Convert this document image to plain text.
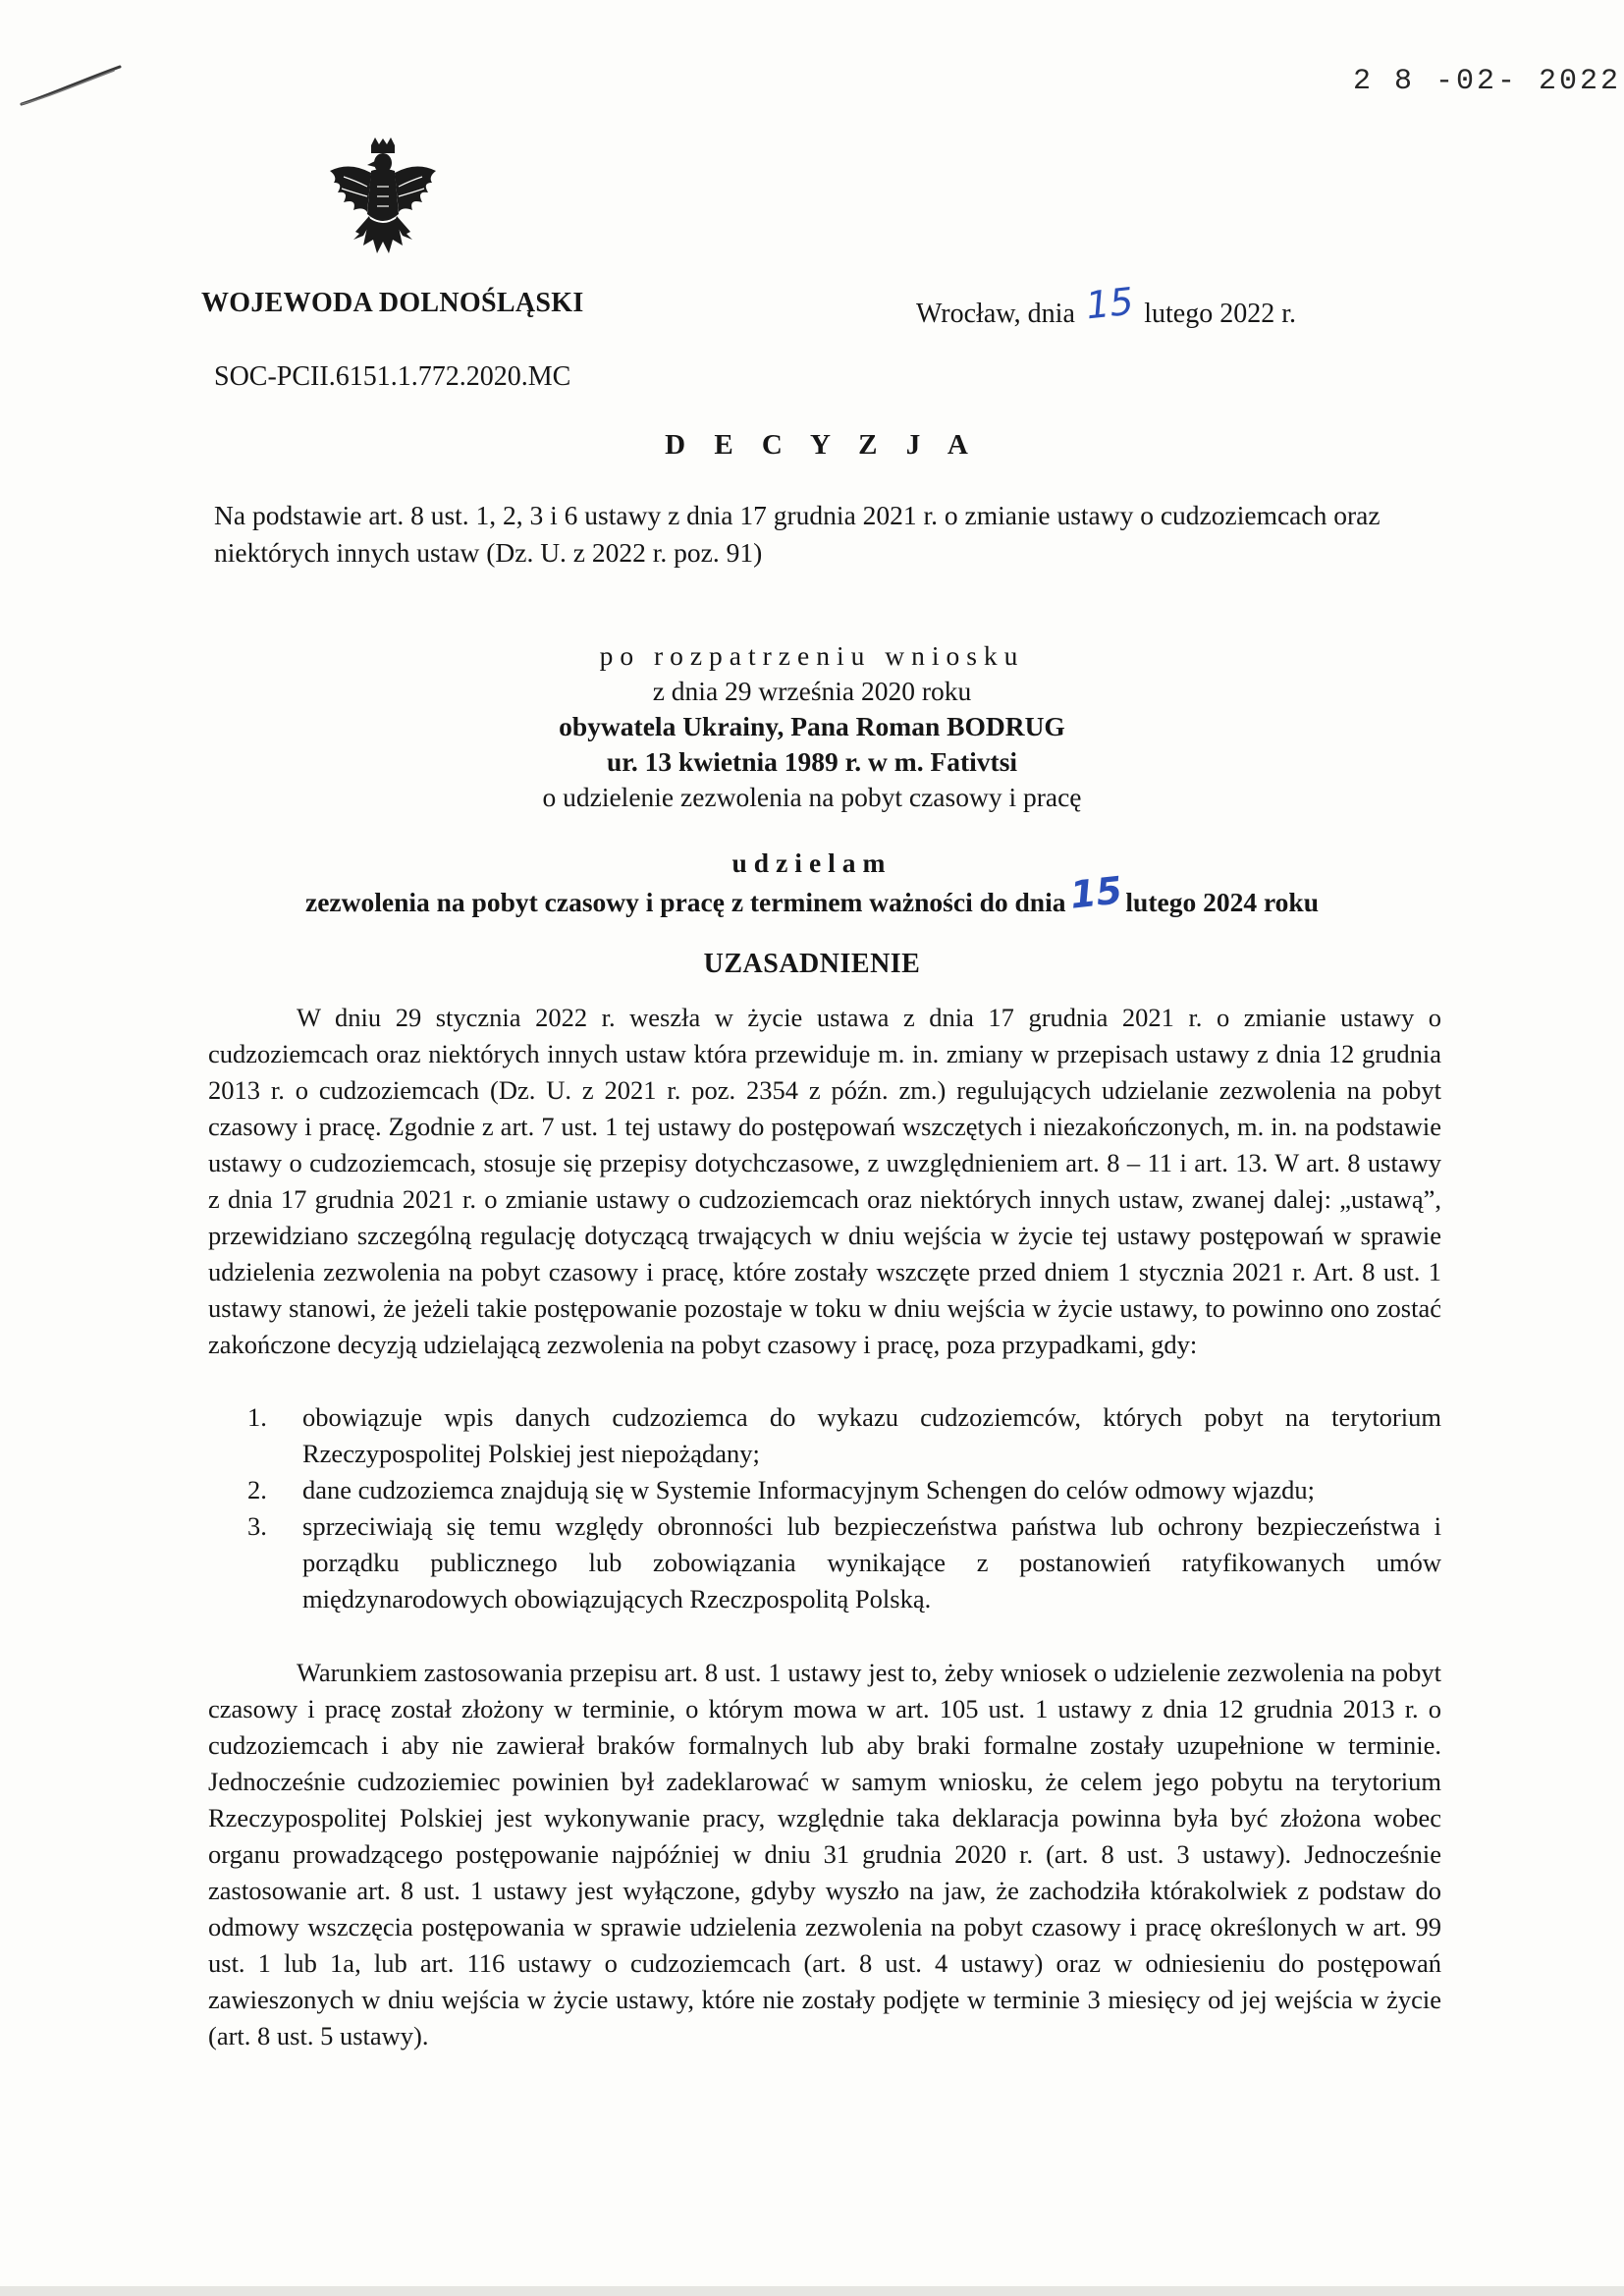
2 8 -02- 2022
WOJEWODA DOLNOŚLĄSKI	Wrocław, dnia 15 lutego 2022 r.
SOC-PCII.6151.1.772.2020.MC
D E C Y Z J A
Na podstawie art. 8 ust. 1, 2, 3 i 6 ustawy z dnia 17 grudnia 2021 r. o zmianie ustawy o cudzoziemcach oraz niektórych innych ustaw (Dz. U. z 2022 r. poz. 91)
po rozpatrzeniu wniosku
z dnia 29 września 2020 roku
obywatela Ukrainy, Pana Roman BODRUG
ur. 13 kwietnia 1989 r. w m. Fativtsi
o udzielenie zezwolenia na pobyt czasowy i pracę
udzielam
zezwolenia na pobyt czasowy i pracę z terminem ważności do dnia15lutego 2024 roku
UZASADNIENIE
W dniu 29 stycznia 2022 r. weszła w życie ustawa z dnia 17 grudnia 2021 r. o zmianie ustawy o cudzoziemcach oraz niektórych innych ustaw która przewiduje m. in. zmiany w przepisach ustawy z dnia 12 grudnia 2013 r. o cudzoziemcach (Dz. U. z 2021 r. poz. 2354 z późn. zm.) regulujących udzielanie zezwolenia na pobyt czasowy i pracę. Zgodnie z art. 7 ust. 1 tej ustawy do postępowań wszczętych i niezakończonych, m. in. na podstawie ustawy o cudzoziemcach, stosuje się przepisy dotychczasowe, z uwzględnieniem art. 8 – 11 i art. 13. W art. 8 ustawy z dnia 17 grudnia 2021 r. o zmianie ustawy o cudzoziemcach oraz niektórych innych ustaw, zwanej dalej: „ustawą”, przewidziano szczególną regulację dotyczącą trwających w dniu wejścia w życie tej ustawy postępowań w sprawie udzielenia zezwolenia na pobyt czasowy i pracę, które zostały wszczęte przed dniem 1 stycznia 2021 r. Art. 8 ust. 1 ustawy stanowi, że jeżeli takie postępowanie pozostaje w toku w dniu wejścia w życie ustawy, to powinno ono zostać zakończone decyzją udzielającą zezwolenia na pobyt czasowy i pracę, poza przypadkami, gdy:
1. obowiązuje wpis danych cudzoziemca do wykazu cudzoziemców, których pobyt na terytorium Rzeczypospolitej Polskiej jest niepożądany;
2. dane cudzoziemca znajdują się w Systemie Informacyjnym Schengen do celów odmowy wjazdu;
3. sprzeciwiają się temu względy obronności lub bezpieczeństwa państwa lub ochrony bezpieczeństwa i porządku publicznego lub zobowiązania wynikające z postanowień ratyfikowanych umów międzynarodowych obowiązujących Rzeczpospolitą Polską.
Warunkiem zastosowania przepisu art. 8 ust. 1 ustawy jest to, żeby wniosek o udzielenie zezwolenia na pobyt czasowy i pracę został złożony w terminie, o którym mowa w art. 105 ust. 1 ustawy z dnia 12 grudnia 2013 r. o cudzoziemcach i aby nie zawierał braków formalnych lub aby braki formalne zostały uzupełnione w terminie. Jednocześnie cudzoziemiec powinien był zadeklarować w samym wniosku, że celem jego pobytu na terytorium Rzeczypospolitej Polskiej jest wykonywanie pracy, względnie taka deklaracja powinna była być złożona wobec organu prowadzącego postępowanie najpóźniej w dniu 31 grudnia 2020 r. (art. 8 ust. 3 ustawy). Jednocześnie zastosowanie art. 8 ust. 1 ustawy jest wyłączone, gdyby wyszło na jaw, że zachodziła którakolwiek z podstaw do odmowy wszczęcia postępowania w sprawie udzielenia zezwolenia na pobyt czasowy i pracę określonych w art. 99 ust. 1 lub 1a, lub art. 116 ustawy o cudzoziemcach (art. 8 ust. 4 ustawy) oraz w odniesieniu do postępowań zawieszonych w dniu wejścia w życie ustawy, które nie zostały podjęte w terminie 3 miesięcy od jej wejścia w życie (art. 8 ust. 5 ustawy).
